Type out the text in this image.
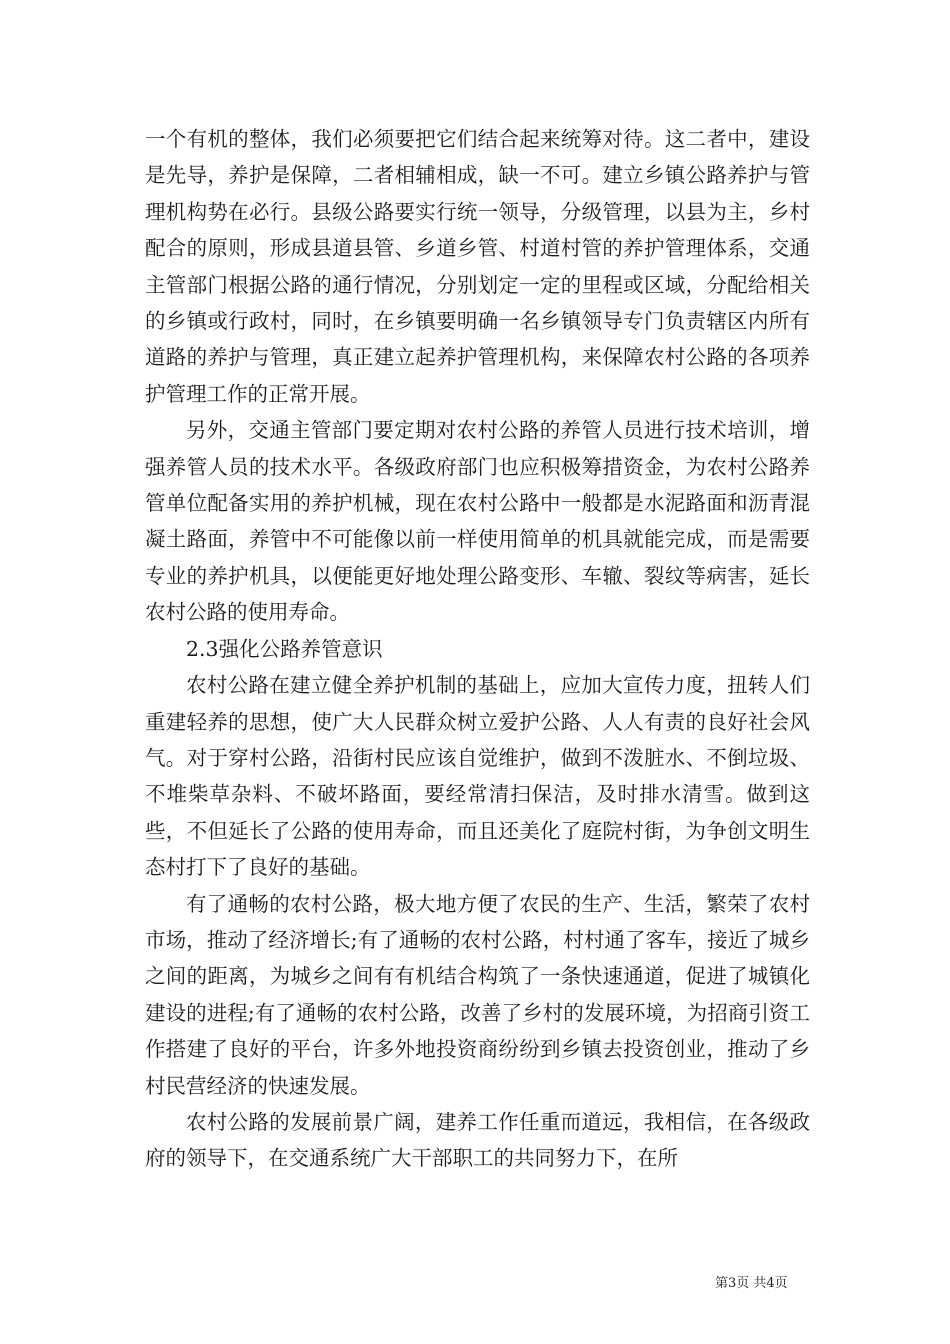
一个有机的整体，我们必须要把它们结合起来统筹对待。这二者中，建设是先导，养护是保障，二者相辅相成，缺一不可。建立乡镇公路养护与管理机构势在必行。县级公路要实行统一领导，分级管理，以县为主，乡村配合的原则，形成县道县管、乡道乡管、村道村管的养护管理体系，交通主管部门根据公路的通行情况，分别划定一定的里程或区域，分配给相关的乡镇或行政村，同时，在乡镇要明确一名乡镇领导专门负责辖区内所有道路的养护与管理，真正建立起养护管理机构，来保障农村公路的各项养护管理工作的正常开展。

另外，交通主管部门要定期对农村公路的养管人员进行技术培训，增强养管人员的技术水平。各级政府部门也应积极筹措资金，为农村公路养管单位配备实用的养护机械，现在农村公路中一般都是水泥路面和沥青混凝土路面，养管中不可能像以前一样使用简单的机具就能完成，而是需要专业的养护机具，以便能更好地处理公路变形、车辙、裂纹等病害，延长农村公路的使用寿命。

2.3强化公路养管意识

农村公路在建立健全养护机制的基础上，应加大宣传力度，扭转人们重建轻养的思想，使广大人民群众树立爱护公路、人人有责的良好社会风气。对于穿村公路，沿街村民应该自觉维护，做到不泼脏水、不倒垃圾、不堆柴草杂料、不破坏路面，要经常清扫保洁，及时排水清雪。做到这些，不但延长了公路的使用寿命，而且还美化了庭院村街，为争创文明生态村打下了良好的基础。

有了通畅的农村公路，极大地方便了农民的生产、生活，繁荣了农村市场，推动了经济增长;有了通畅的农村公路，村村通了客车，接近了城乡之间的距离，为城乡之间有有机结合构筑了一条快速通道，促进了城镇化建设的进程;有了通畅的农村公路，改善了乡村的发展环境，为招商引资工作搭建了良好的平台，许多外地投资商纷纷到乡镇去投资创业，推动了乡村民营经济的快速发展。

农村公路的发展前景广阔，建养工作任重而道远，我相信，在各级政府的领导下，在交通系统广大干部职工的共同努力下，在所

第3页 共4页
